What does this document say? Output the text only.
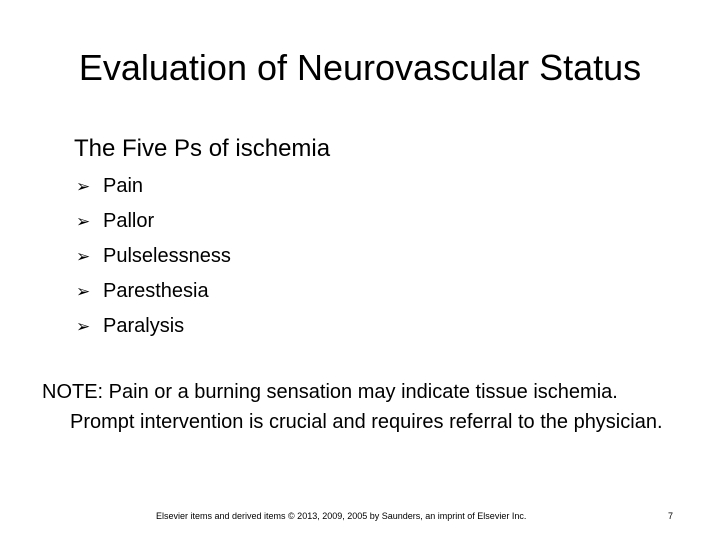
Evaluation of Neurovascular Status
The Five Ps of ischemia
➢ Pain
➢ Pallor
➢ Pulselessness
➢ Paresthesia
➢ Paralysis
NOTE: Pain or a burning sensation may indicate tissue ischemia. Prompt intervention is crucial and requires referral to the physician.
Elsevier items and derived items © 2013, 2009, 2005 by Saunders, an imprint of Elsevier Inc.	7
